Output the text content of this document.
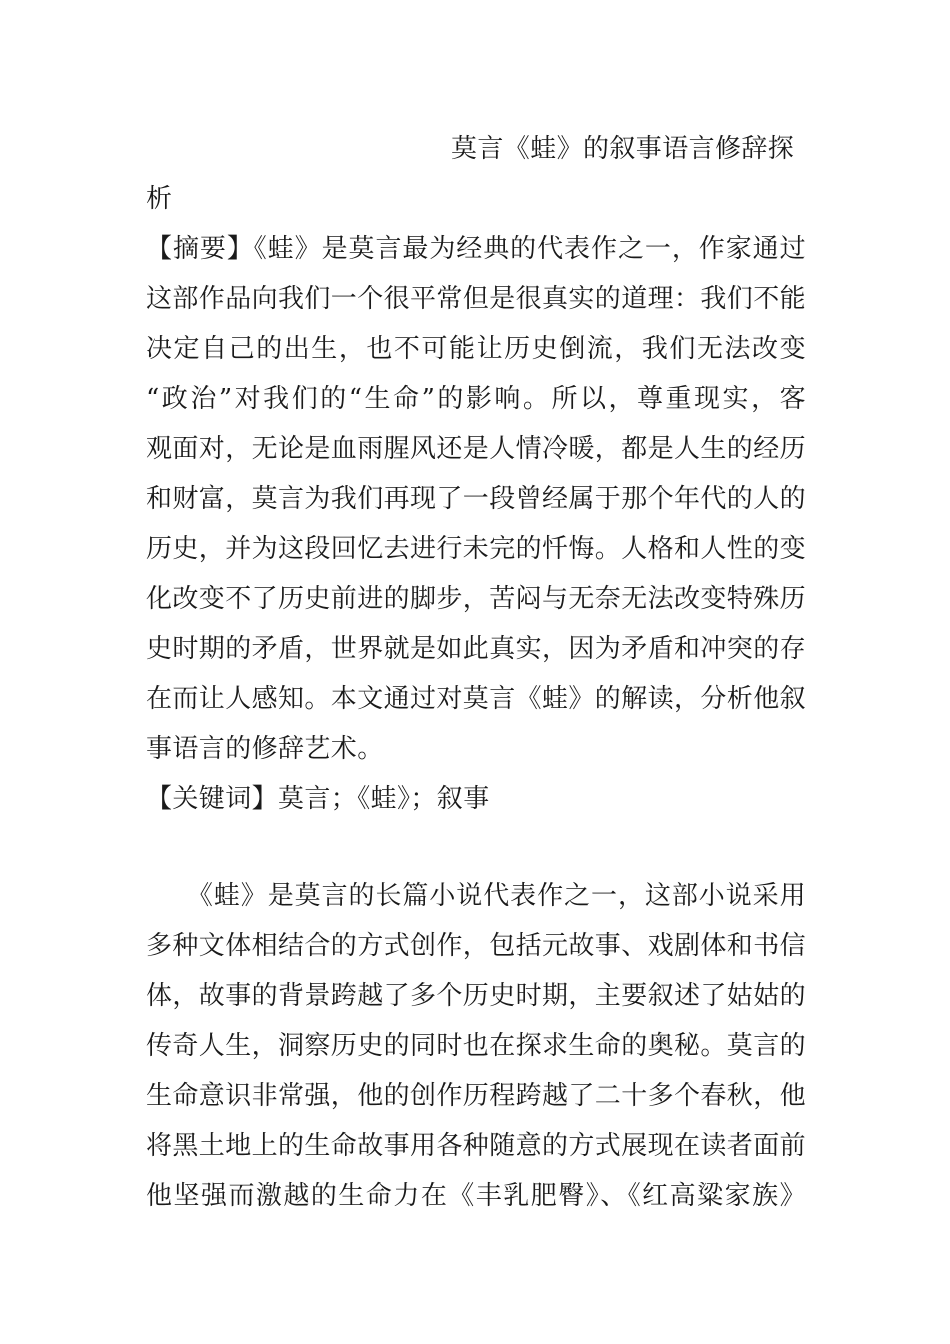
莫言《蛙》的叙事语言修辞探
析
【摘要】《蛙》是莫言最为经典的代表作之一，作家通过
这部作品向我们一个很平常但是很真实的道理：我们不能
决定自己的出生，也不可能让历史倒流，我们无法改变
“政治”对我们的“生命”的影响。所以，尊重现实，客
观面对，无论是血雨腥风还是人情冷暖，都是人生的经历
和财富，莫言为我们再现了一段曾经属于那个年代的人的
历史，并为这段回忆去进行未完的忏悔。人格和人性的变
化改变不了历史前进的脚步，苦闷与无奈无法改变特殊历
史时期的矛盾，世界就是如此真实，因为矛盾和冲突的存
在而让人感知。本文通过对莫言《蛙》的解读，分析他叙
事语言的修辞艺术。
【关键词】莫言；《蛙》；叙事
　　《蛙》是莫言的长篇小说代表作之一，这部小说采用
多种文体相结合的方式创作，包括元故事、戏剧体和书信
体，故事的背景跨越了多个历史时期，主要叙述了姑姑的
传奇人生，洞察历史的同时也在探求生命的奥秘。莫言的
生命意识非常强，他的创作历程跨越了二十多个春秋，他
将黑土地上的生命故事用各种随意的方式展现在读者面前
他坚强而激越的生命力在《丰乳肥臀》、《红高粱家族》
